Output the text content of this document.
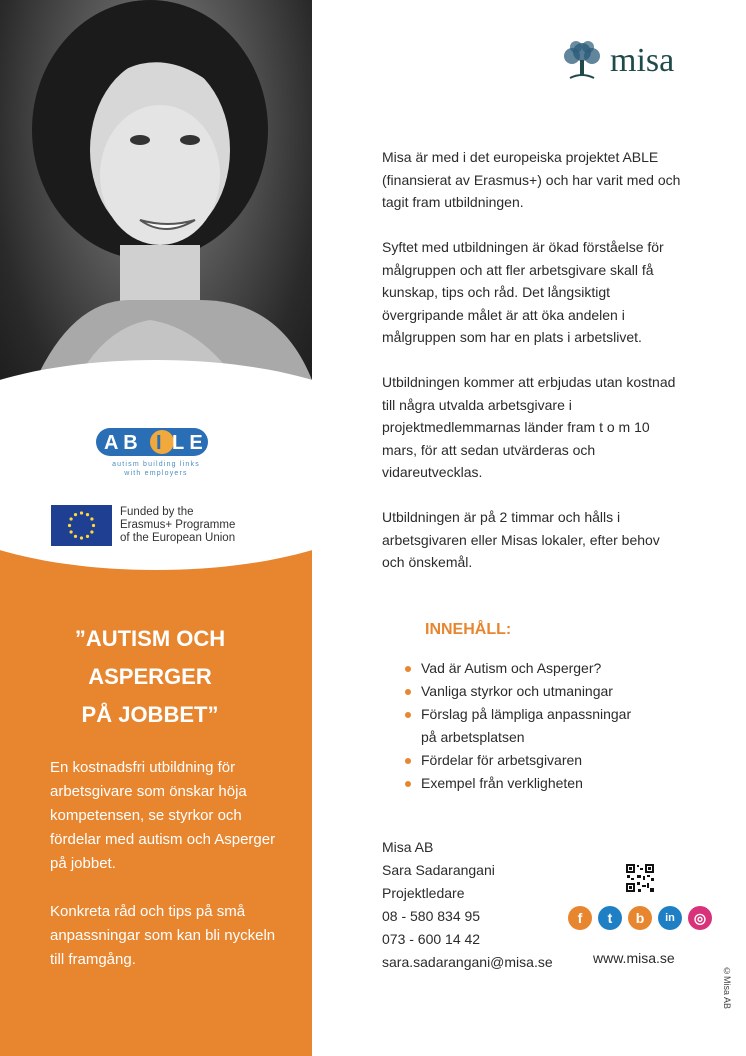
A B I L E
autism building links
with employers
Funded by the
Erasmus+ Programme
of the European Union
”AUTISM OCH
ASPERGER
PÅ JOBBET”

En kostnadsfri utbildning för arbetsgivare som önskar höja kompetensen, se styrkor och fördelar med autism och Asperger på jobbet.

Konkreta råd och tips på små anpassningar som kan bli nyckeln till framgång.

misa
Misa är med i det europeiska projektet ABLE (finansierat av Erasmus+) och har varit med och tagit fram utbildningen.
Syftet med utbildningen är ökad förståelse för målgruppen och att fler arbetsgivare skall få kunskap, tips och råd. Det långsiktigt övergripande målet är att öka andelen i målgruppen som har en plats i arbetslivet.
Utbildningen kommer att erbjudas utan kostnad till några utvalda arbetsgivare i projektmedlemmarnas länder fram t o m 10 mars, för att sedan utvärderas och vidareutvecklas.
Utbildningen är på 2 timmar och hålls i arbetsgivaren eller Misas lokaler, efter behov och önskemål.
INNEHÅLL:
Vad är Autism och Asperger?
Vanliga styrkor och utmaningar
Förslag på lämpliga anpassningar
på arbetsplatsen
Fördelar för arbetsgivaren
Exempel från verkligheten
Misa AB
Sara Sadarangani
Projektledare
08 - 580 834 95
073 - 600 14 42
sara.sadarangani@misa.se	www.misa.se
f	t	b	in	◎
©Misa AB
